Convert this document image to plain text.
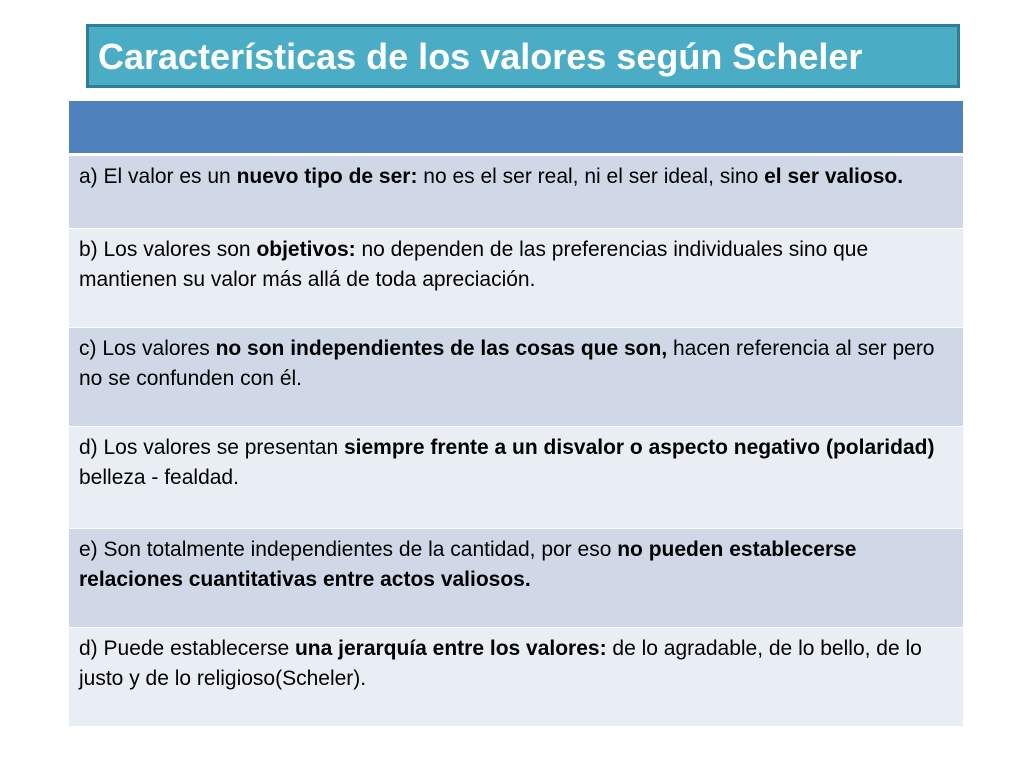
Características de los valores según Scheler
a) El valor es un nuevo tipo de ser: no es el ser real, ni el ser ideal, sino el ser valioso.
b) Los valores son objetivos: no dependen de las preferencias individuales sino que mantienen su valor más allá de toda apreciación.
c) Los valores no son independientes de las cosas que son, hacen referencia al ser pero no se confunden con él.
d) Los valores se presentan siempre frente a un disvalor o aspecto negativo (polaridad)
belleza - fealdad.
e) Son totalmente independientes de la cantidad, por eso no pueden establecerse relaciones cuantitativas entre actos valiosos.
d) Puede establecerse una jerarquía entre los valores: de lo agradable, de lo bello, de lo justo y de lo religioso(Scheler).
